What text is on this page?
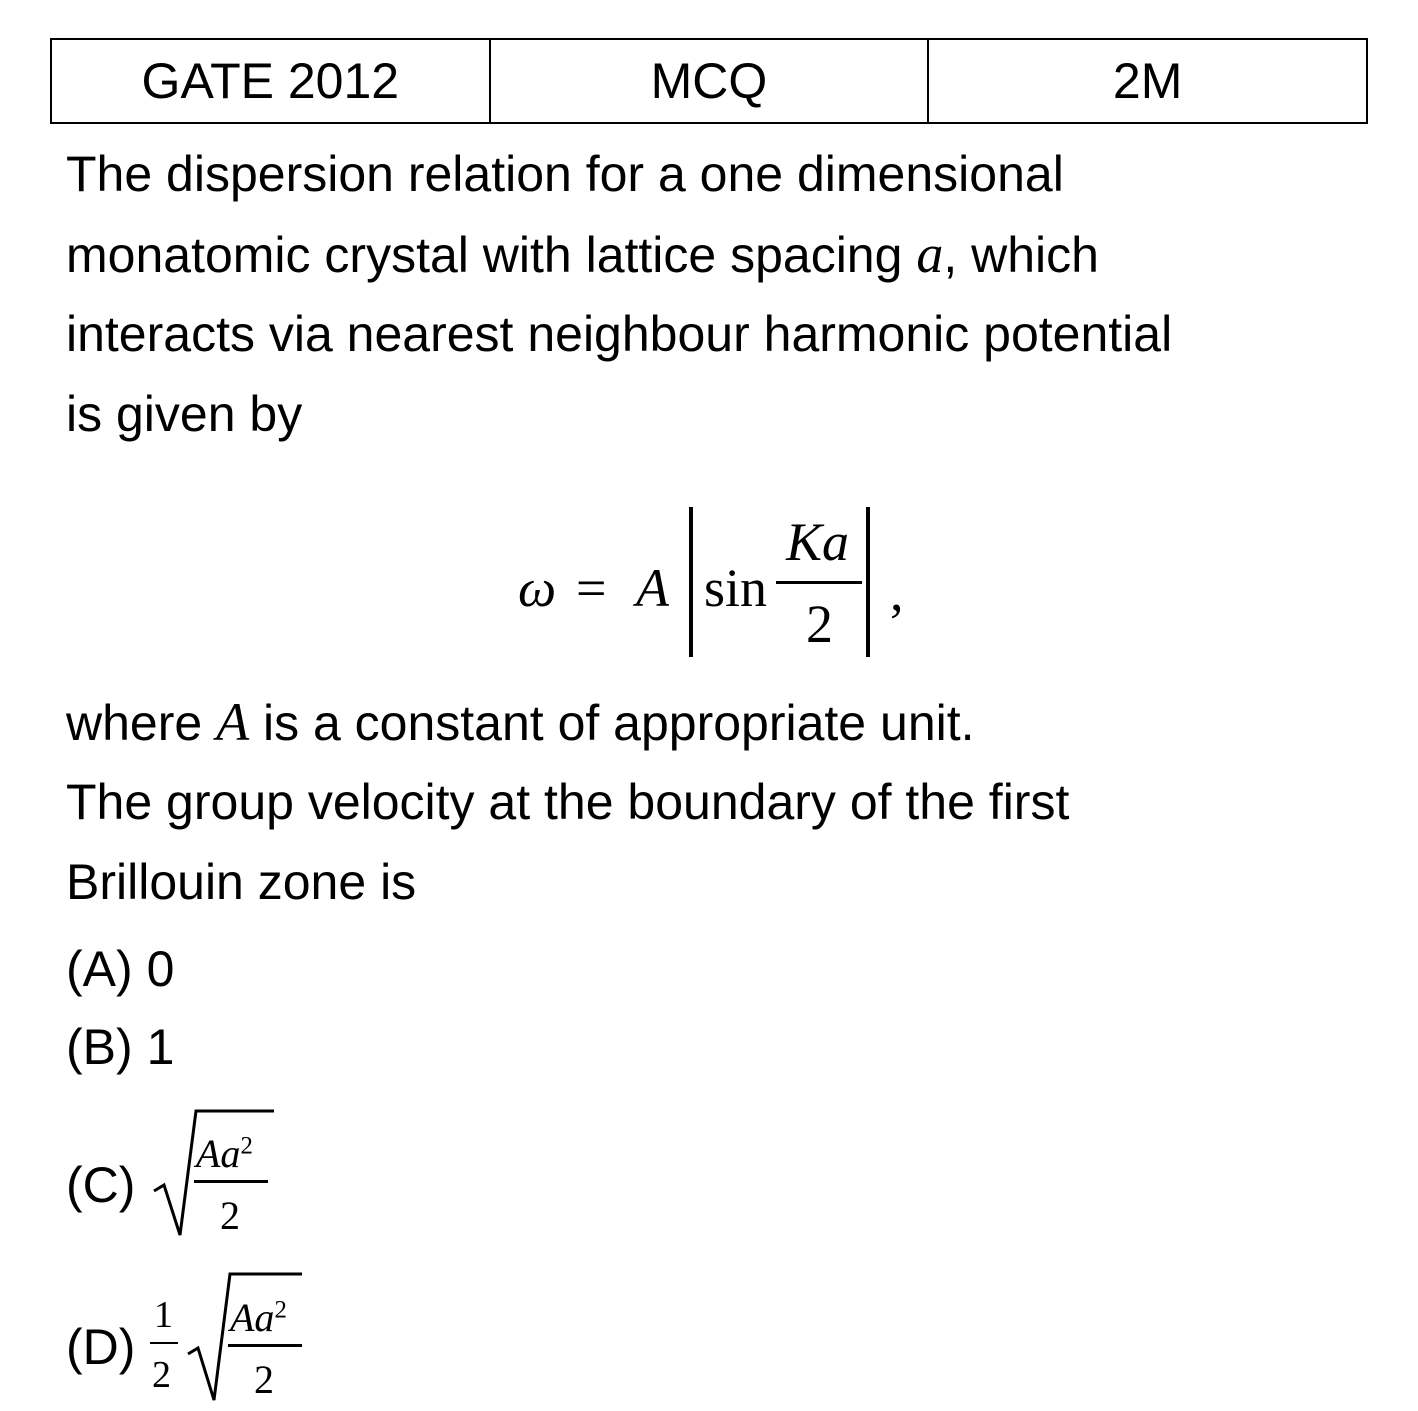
GATE 2012	MCQ	2M
The dispersion relation for a one dimensional
monatomic crystal with lattice spacing a, which
interacts via nearest neighbour harmonic potential
is given by
ω = A sin
Ka
2
,
where A is a constant of appropriate unit.
The group velocity at the boundary of the first
Brillouin zone is
(A) 0
(B) 1
(C)
Aa$^2$
2
(D)
1
2
Aa$^2$
2
